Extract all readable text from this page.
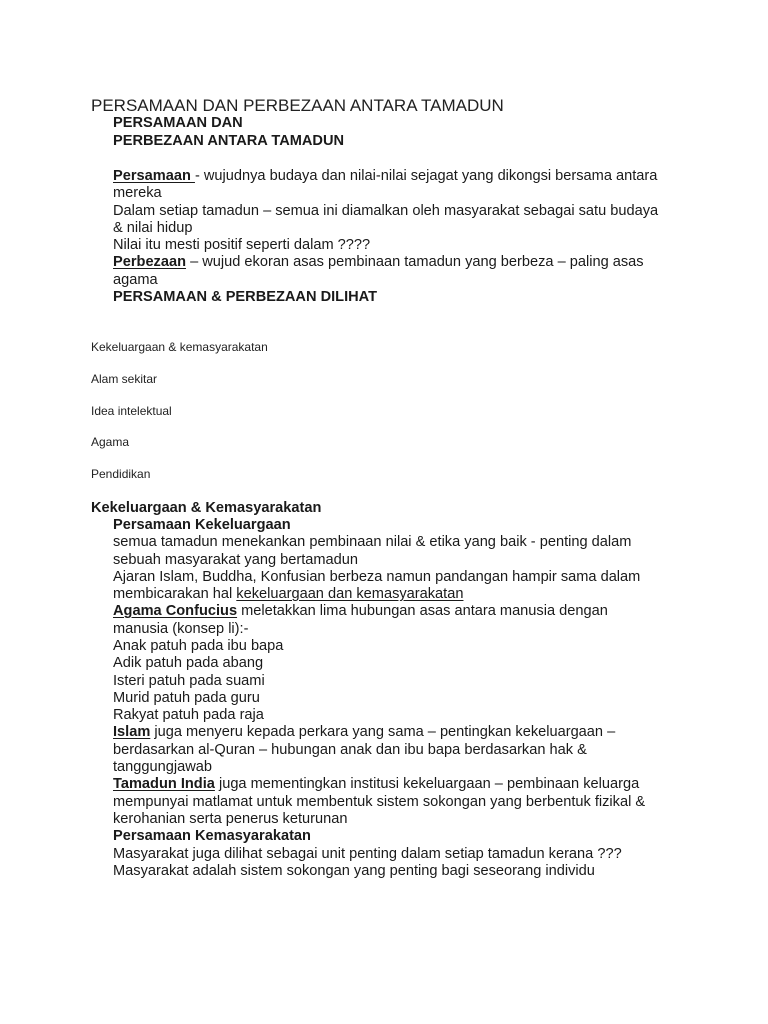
PERSAMAAN DAN PERBEZAAN ANTARA TAMADUN
PERSAMAAN DAN
PERBEZAAN ANTARA TAMADUN
Persamaan - wujudnya budaya dan nilai-nilai sejagat yang dikongsi bersama antara
mereka
Dalam setiap tamadun – semua ini diamalkan oleh masyarakat sebagai satu budaya
& nilai hidup
Nilai itu mesti positif seperti dalam ????
Perbezaan – wujud ekoran asas pembinaan tamadun yang berbeza – paling asas
agama
PERSAMAAN & PERBEZAAN DILIHAT
Kekeluargaan & kemasyarakatan
Alam sekitar
Idea intelektual
Agama
Pendidikan
Kekeluargaan & Kemasyarakatan
Persamaan Kekeluargaan
semua tamadun menekankan pembinaan nilai & etika yang baik - penting dalam
sebuah masyarakat yang bertamadun
Ajaran Islam, Buddha, Konfusian berbeza namun pandangan hampir sama dalam
membicarakan hal kekeluargaan dan kemasyarakatan
Agama Confucius meletakkan lima hubungan asas antara manusia dengan
manusia (konsep li):-
Anak patuh pada ibu bapa
Adik patuh pada abang
Isteri patuh pada suami
Murid patuh pada guru
Rakyat patuh pada raja
Islam juga menyeru kepada perkara yang sama – pentingkan kekeluargaan –
berdasarkan al-Quran – hubungan anak dan ibu bapa berdasarkan hak &
tanggungjawab
Tamadun India juga mementingkan institusi kekeluargaan – pembinaan keluarga
mempunyai matlamat untuk membentuk sistem sokongan yang berbentuk fizikal &
kerohanian serta penerus keturunan
Persamaan Kemasyarakatan
Masyarakat juga dilihat sebagai unit penting dalam setiap tamadun kerana ???
Masyarakat adalah sistem sokongan yang penting bagi seseorang individu
